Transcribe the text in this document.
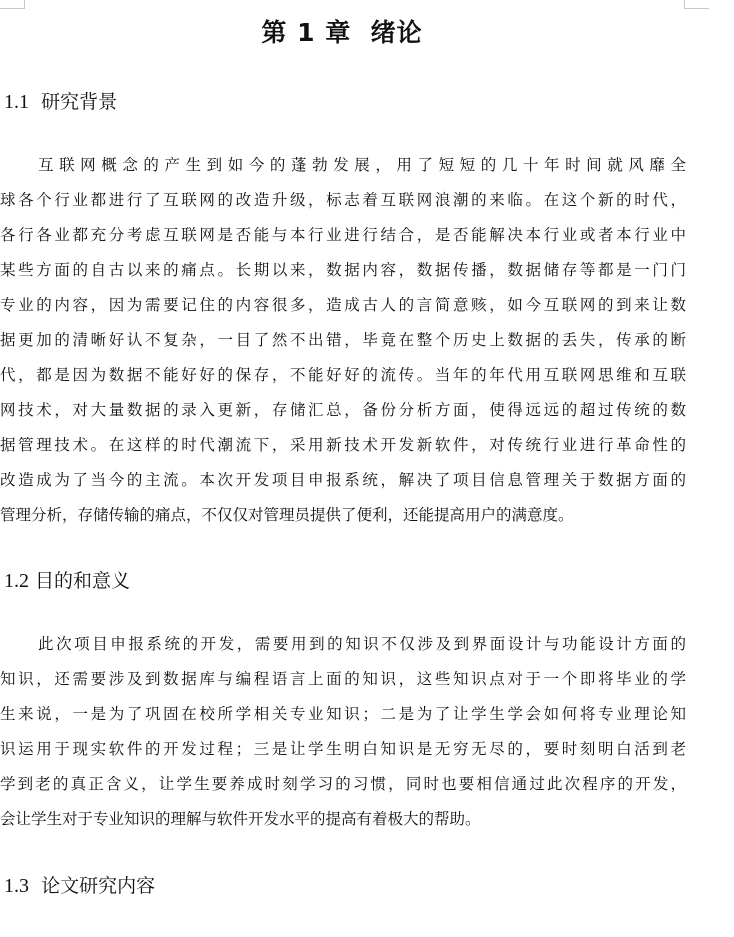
第 1 章  绪论
1.1 研究背景
互联网概念的产生到如今的蓬勃发展，用了短短的几十年时间就风靡全
球各个行业都进行了互联网的改造升级，标志着互联网浪潮的来临。在这个新的时代，
各行各业都充分考虑互联网是否能与本行业进行结合，是否能解决本行业或者本行业中
某些方面的自古以来的痛点。长期以来，数据内容，数据传播，数据储存等都是一门门
专业的内容，因为需要记住的内容很多，造成古人的言简意赅，如今互联网的到来让数
据更加的清晰好认不复杂，一目了然不出错，毕竟在整个历史上数据的丢失，传承的断
代，都是因为数据不能好好的保存，不能好好的流传。当年的年代用互联网思维和互联
网技术，对大量数据的录入更新，存储汇总，备份分析方面，使得远远的超过传统的数
据管理技术。在这样的时代潮流下，采用新技术开发新软件，对传统行业进行革命性的
改造成为了当今的主流。本次开发项目申报系统，解决了项目信息管理关于数据方面的
管理分析，存储传输的痛点，不仅仅对管理员提供了便利，还能提高用户的满意度。
1.2 目的和意义
此次项目申报系统的开发，需要用到的知识不仅涉及到界面设计与功能设计方面的
知识，还需要涉及到数据库与编程语言上面的知识，这些知识点对于一个即将毕业的学
生来说，一是为了巩固在校所学相关专业知识；二是为了让学生学会如何将专业理论知
识运用于现实软件的开发过程；三是让学生明白知识是无穷无尽的，要时刻明白活到老
学到老的真正含义，让学生要养成时刻学习的习惯，同时也要相信通过此次程序的开发，
会让学生对于专业知识的理解与软件开发水平的提高有着极大的帮助。
1.3 论文研究内容
